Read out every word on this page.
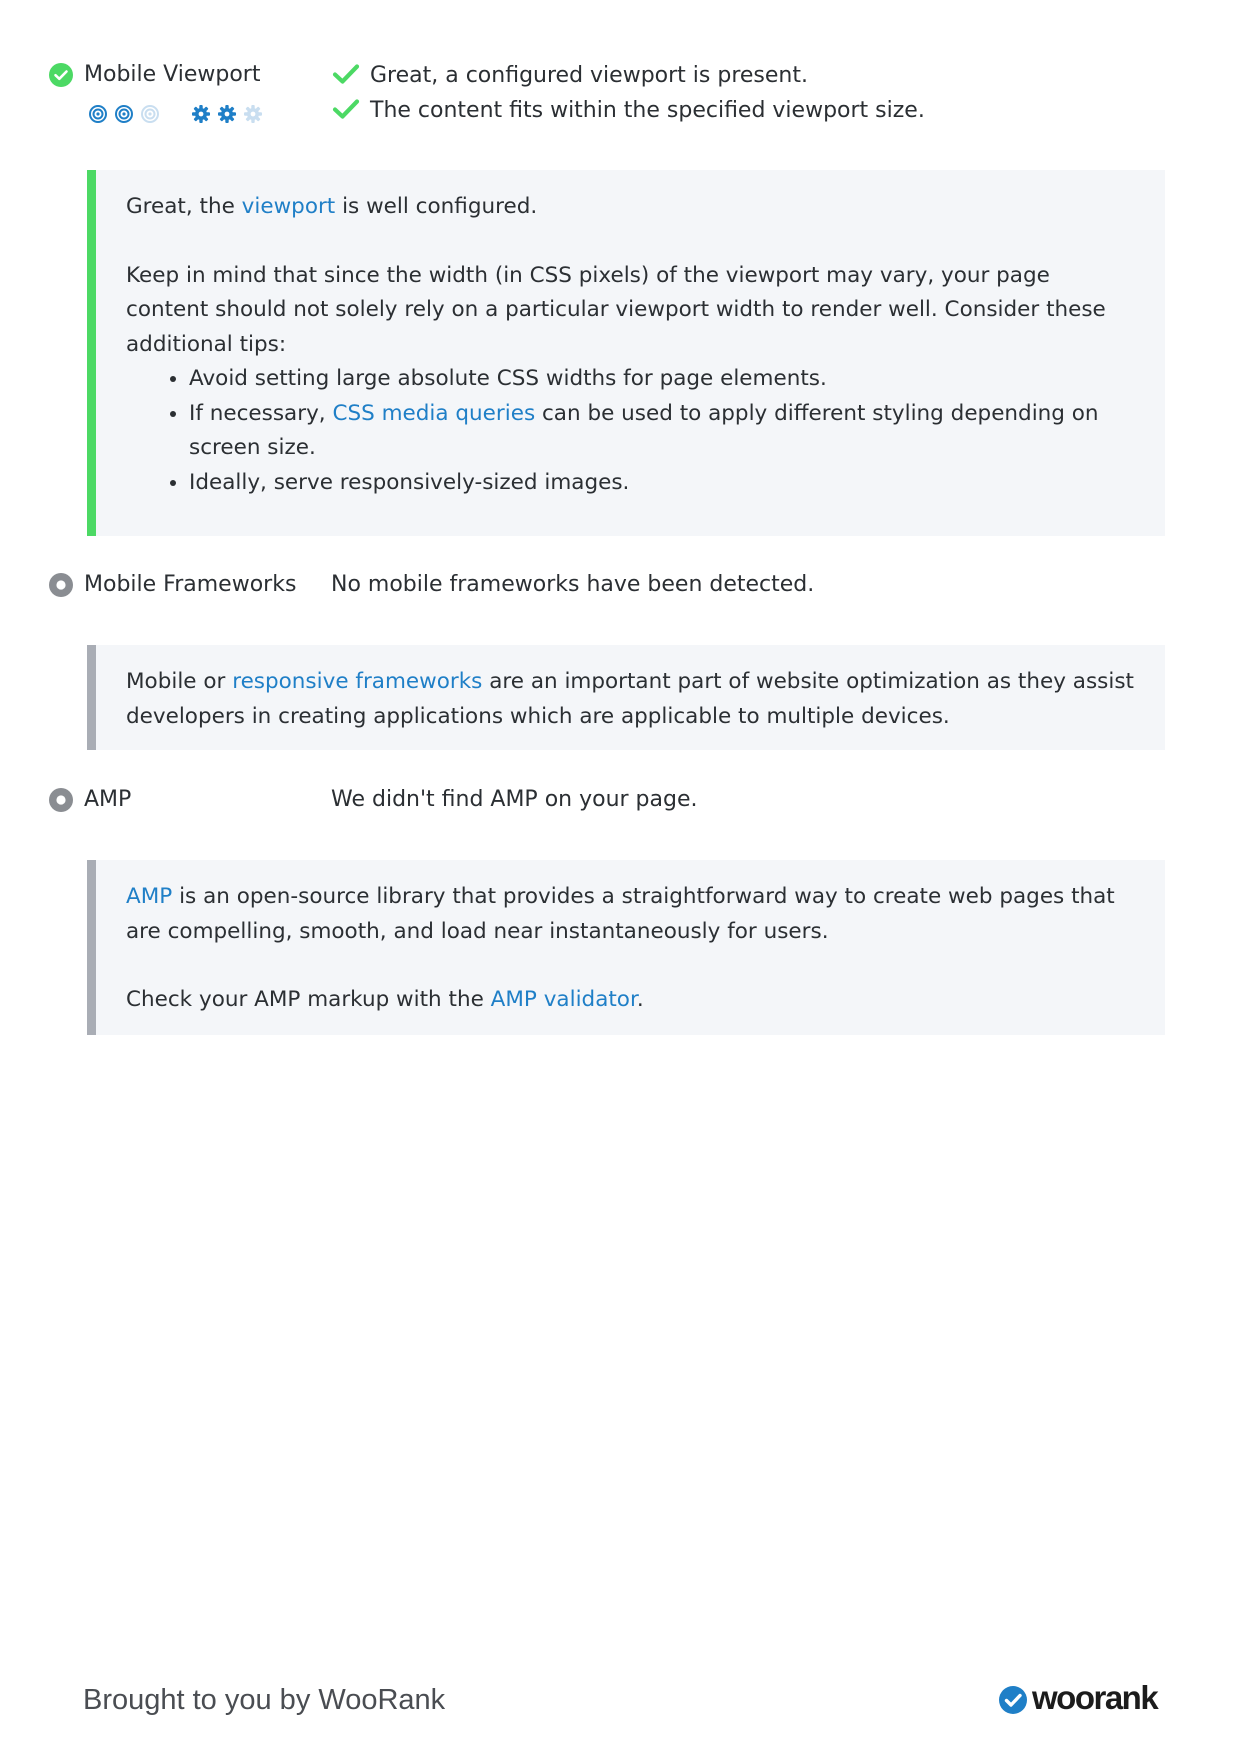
Mobile Viewport	Great, a configured viewport is present.
The content fits within the specified viewport size.

Great, the viewport is well configured.

Keep in mind that since the width (in CSS pixels) of the viewport may vary, your page content should not solely rely on a particular viewport width to render well. Consider these additional tips:

• Avoid setting large absolute CSS widths for page elements.
• If necessary, CSS media queries can be used to apply different styling depending on screen size.
• Ideally, serve responsively-sized images.
Mobile Frameworks No mobile frameworks have been detected.

Mobile or responsive frameworks are an important part of website optimization as they assist developers in creating applications which are applicable to multiple devices.

AMP	We didn't find AMP on your page.

AMP is an open-source library that provides a straightforward way to create web pages that are compelling, smooth, and load near instantaneously for users.

Check your AMP markup with the AMP validator.

Brought to you by WooRank	woorank
